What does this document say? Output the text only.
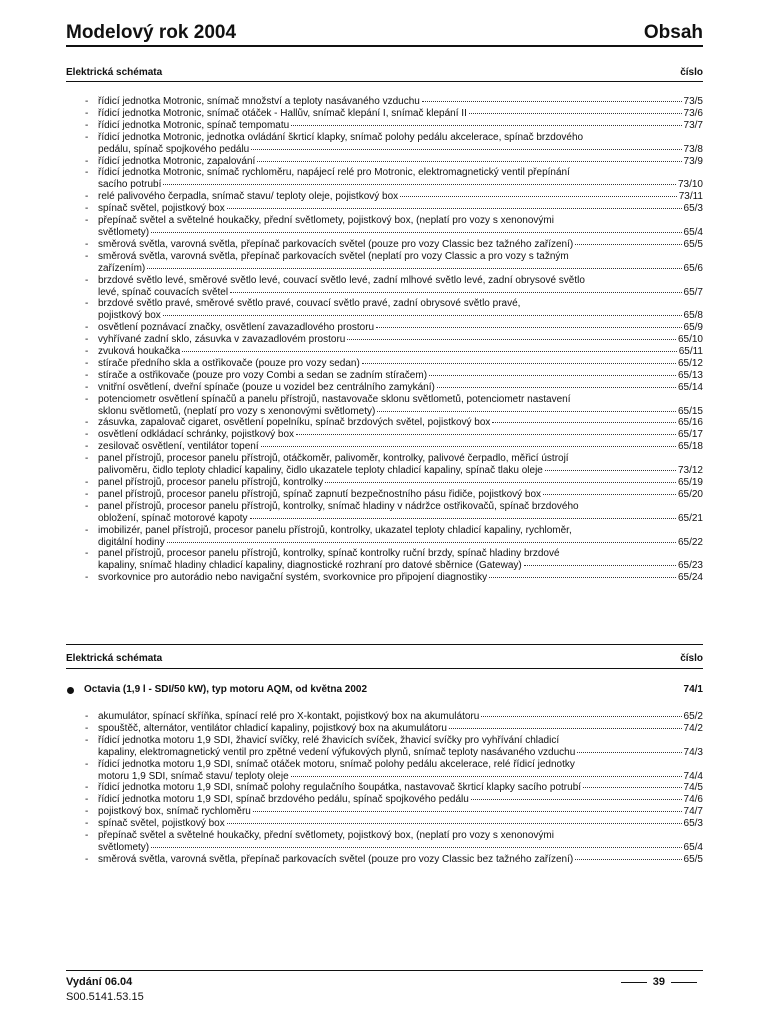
Modelový rok 2004	Obsah
Elektrická schémata	číslo
- řídicí jednotka Motronic, snímač množství a teploty nasávaného vzduchu	73/5
- řídicí jednotka Motronic, snímač otáček - Hallův, snímač klepání I, snímač klepání II	73/6
- řídicí jednotka Motronic, spínač tempomatu	73/7
- řídicí jednotka Motronic, jednotka ovládání škrticí klapky, snímač polohy pedálu akcelerace, spínač brzdového
pedálu, spínač spojkového pedálu	73/8
- řídicí jednotka Motronic, zapalování	73/9
- řídicí jednotka Motronic, snímač rychloměru, napájecí relé pro Motronic, elektromagnetický ventil přepínání
sacího potrubí	73/10
- relé palivového čerpadla, snímač stavu/ teploty oleje, pojistkový box	73/11
- spínač světel, pojistkový box	65/3
- přepínač světel a světelné houkačky, přední světlomety, pojistkový box, (neplatí pro vozy s xenonovými
světlomety)	65/4
- směrová světla, varovná světla, přepínač parkovacích světel (pouze pro vozy Classic bez tažného zařízení)	65/5
- směrová světla, varovná světla, přepínač parkovacích světel (neplatí pro vozy Classic a pro vozy s tažným
zařízením)	65/6
- brzdové světlo levé, směrové světlo levé, couvací světlo levé, zadní mlhové světlo levé, zadní obrysové světlo
levé, spínač couvacích světel	65/7
- brzdové světlo pravé, směrové světlo pravé, couvací světlo pravé, zadní obrysové světlo pravé,
pojistkový box	65/8
- osvětlení poznávací značky, osvětlení zavazadlového prostoru	65/9
- vyhřívané zadní sklo, zásuvka v zavazadlovém prostoru	65/10
- zvuková houkačka	65/11
- stírače předního skla a ostřikovače (pouze pro vozy sedan)	65/12
- stírače a ostřikovače (pouze pro vozy Combi a sedan se zadním stíračem)	65/13
- vnitřní osvětlení, dveřní spínače (pouze u vozidel bez centrálního zamykání)	65/14
- potenciometr osvětlení spínačů a panelu přístrojů, nastavovače sklonu světlometů, potenciometr nastavení
sklonu světlometů, (neplatí pro vozy s xenonovými světlomety)	65/15
- zásuvka, zapalovač cigaret, osvětlení popelníku, spínač brzdových světel, pojistkový box	65/16
- osvětlení odkládací schránky, pojistkový box	65/17
- zesilovač osvětlení, ventilátor topení	65/18
- panel přístrojů, procesor panelu přístrojů, otáčkoměr, palivoměr, kontrolky, palivové čerpadlo, měřicí ústrojí
palivoměru, čidlo teploty chladicí kapaliny, čidlo ukazatele teploty chladicí kapaliny, spínač tlaku oleje	73/12
- panel přístrojů, procesor panelu přístrojů, kontrolky	65/19
- panel přístrojů, procesor panelu přístrojů, spínač zapnutí bezpečnostního pásu řidiče, pojistkový box	65/20
- panel přístrojů, procesor panelu přístrojů, kontrolky, snímač hladiny v nádržce ostřikovačů, spínač brzdového
obložení, spínač motorové kapoty	65/21
- imobilizér, panel přístrojů, procesor panelu přístrojů, kontrolky, ukazatel teploty chladicí kapaliny, rychloměr,
digitální hodiny	65/22
- panel přístrojů, procesor panelu přístrojů, kontrolky, spínač kontrolky ruční brzdy, spínač hladiny brzdové
kapaliny, snímač hladiny chladicí kapaliny, diagnostické rozhraní pro datové sběrnice (Gateway)	65/23
- svorkovnice pro autorádio nebo navigační systém, svorkovnice pro připojení diagnostiky	65/24
Elektrická schémata	číslo
Octavia (1,9 l - SDI/50 kW), typ motoru AQM, od května 2002	74/1
- akumulátor, spínací skříňka, spínací relé pro X-kontakt, pojistkový box na akumulátoru	65/2
- spouštěč, alternátor, ventilátor chladicí kapaliny, pojistkový box na akumulátoru	74/2
- řídicí jednotka motoru 1,9 SDI, žhavicí svíčky, relé žhavicích svíček, žhavicí svíčky pro vyhřívání chladicí
kapaliny, elektromagnetický ventil pro zpětné vedení výfukových plynů, snímač teploty nasávaného vzduchu	74/3
- řídicí jednotka motoru 1,9 SDI, snímač otáček motoru, snímač polohy pedálu akcelerace, relé řídicí jednotky
motoru 1,9 SDI, snímač stavu/ teploty oleje	74/4
- řídicí jednotka motoru 1,9 SDI, snímač polohy regulačního šoupátka, nastavovač škrticí klapky sacího potrubí	74/5
- řídicí jednotka motoru 1,9 SDI, spínač brzdového pedálu, spínač spojkového pedálu	74/6
- pojistkový box, snímač rychloměru	74/7
- spínač světel, pojistkový box	65/3
- přepínač světel a světelné houkačky, přední světlomety, pojistkový box, (neplatí pro vozy s xenonovými
světlomety)	65/4
- směrová světla, varovná světla, přepínač parkovacích světel (pouze pro vozy Classic bez tažného zařízení)	65/5
Vydání 06.04
S00.5141.53.15
39
